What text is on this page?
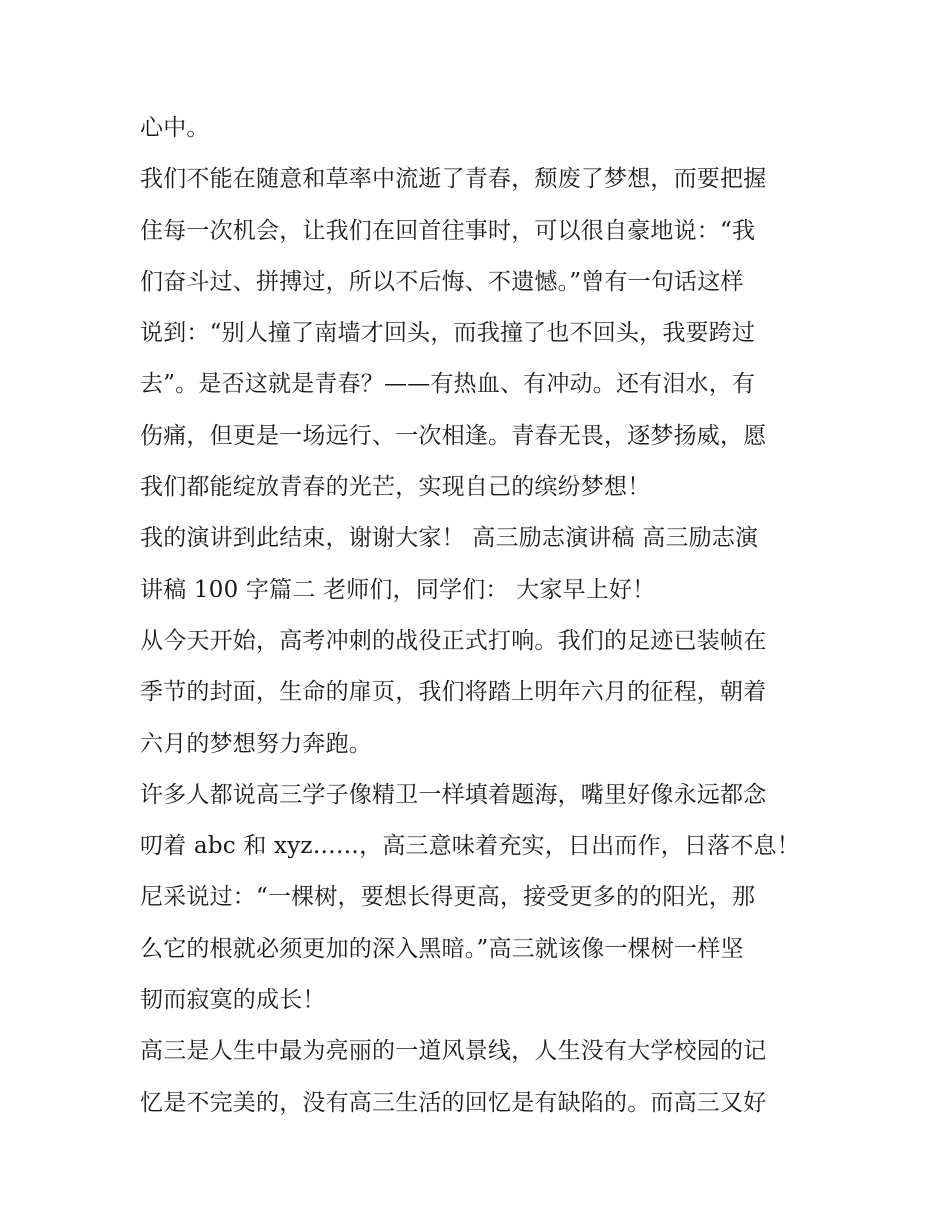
心中。
我们不能在随意和草率中流逝了青春，颓废了梦想，而要把握
住每一次机会，让我们在回首往事时，可以很自豪地说：“我
们奋斗过、拼搏过，所以不后悔、不遗憾。”曾有一句话这样
说到：“别人撞了南墙才回头，而我撞了也不回头，我要跨过
去”。是否这就是青春？——有热血、有冲动。还有泪水，有
伤痛，但更是一场远行、一次相逢。青春无畏，逐梦扬威，愿
我们都能绽放青春的光芒，实现自己的缤纷梦想！
我的演讲到此结束，谢谢大家！ 高三励志演讲稿 高三励志演
讲稿 100 字篇二 老师们，同学们： 大家早上好！
从今天开始，高考冲刺的战役正式打响。我们的足迹已装帧在
季节的封面，生命的扉页，我们将踏上明年六月的征程，朝着
六月的梦想努力奔跑。
许多人都说高三学子像精卫一样填着题海，嘴里好像永远都念
叨着 abc 和 xyz……，高三意味着充实，日出而作，日落不息！
尼采说过：“一棵树，要想长得更高，接受更多的的阳光，那
么它的根就必须更加的深入黑暗。”高三就该像一棵树一样坚
韧而寂寞的成长！
高三是人生中最为亮丽的一道风景线，人生没有大学校园的记
忆是不完美的，没有高三生活的回忆是有缺陷的。而高三又好
